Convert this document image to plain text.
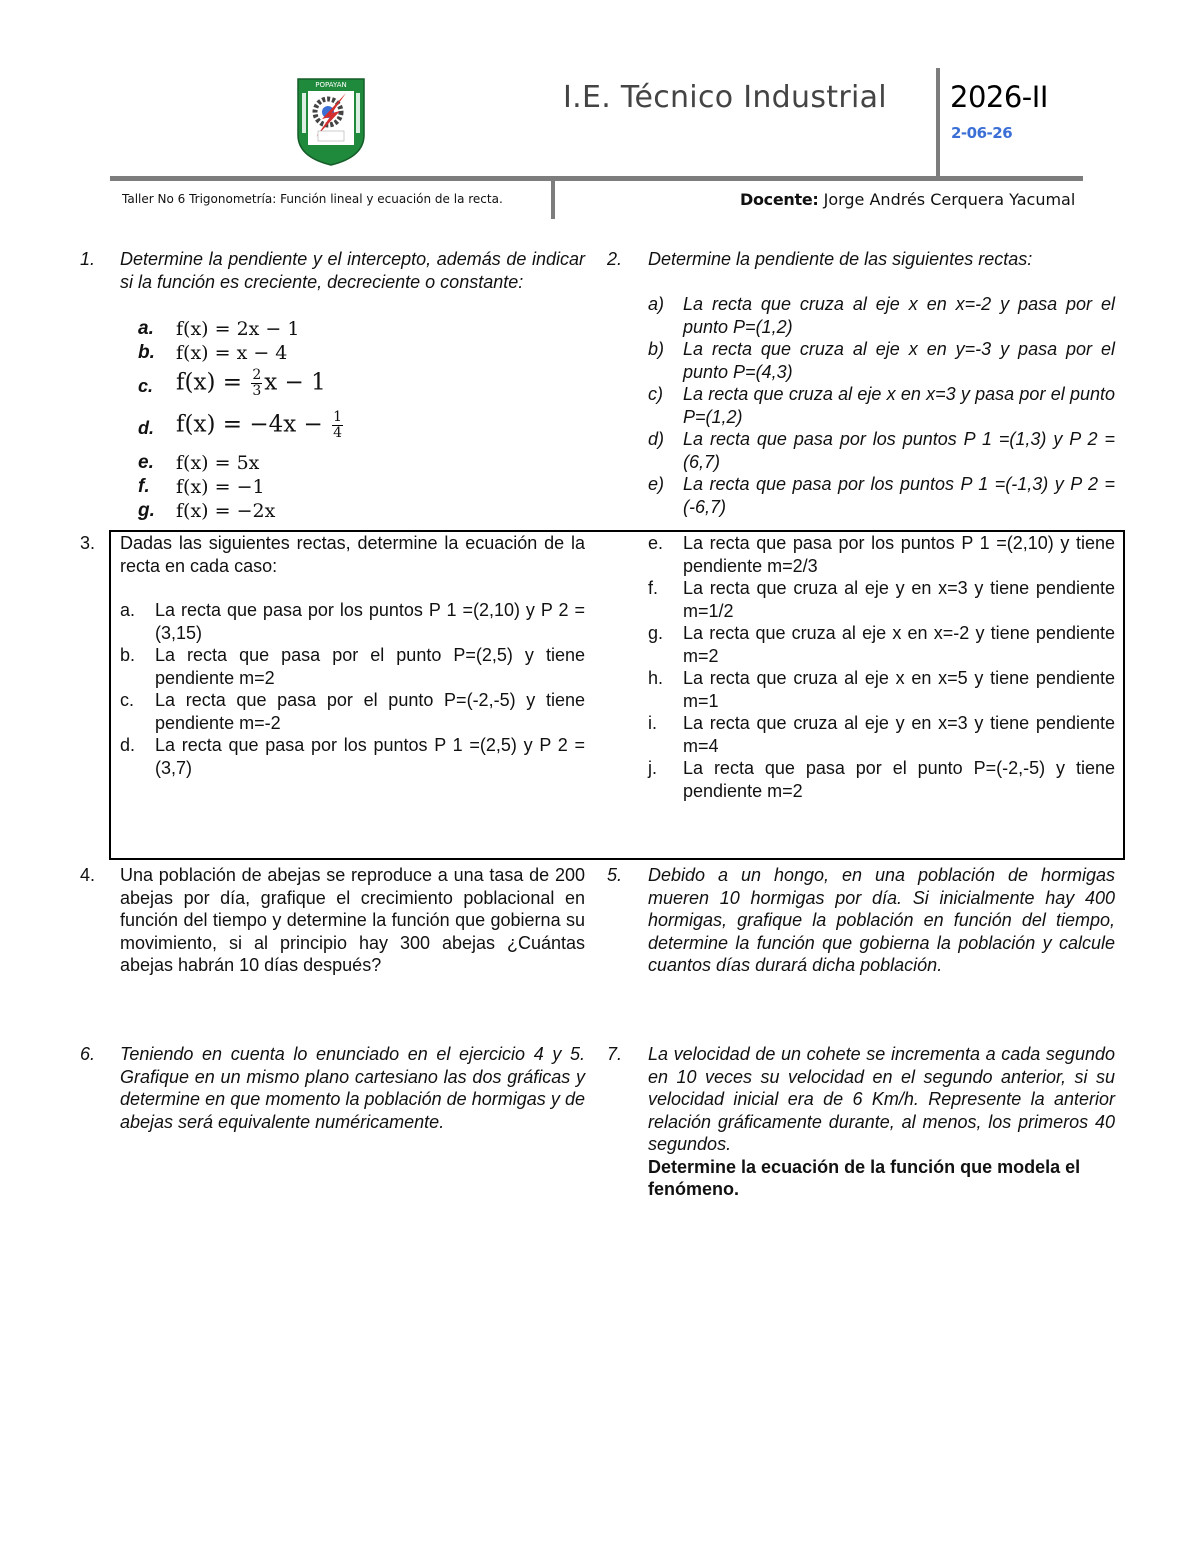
POPAYAN	I.E. Técnico Industrial 2026-II
2-06-26
Taller No 6 Trigonometría: Función lineal y ecuación de la recta.	Docente: Jorge Andrés Cerquera Yacumal
1. Determine la pendiente y el intercepto, además de indicar si la función es creciente, decreciente o constante:
a. f(x) = 2x − 1
b. f(x) = x − 4
c. $f(x) = \frac{2}{3}$ x − 1
d. $f(x) = -4x - \frac{1}{4}$
e. f(x) = 5x
f. f(x) = −1
g. f(x) = −2x
2. Determine la pendiente de las siguientes rectas:
a) La recta que cruza al eje x en x=-2 y pasa por el punto P=(1,2)
b) La recta que cruza al eje x en y=-3 y pasa por el punto P=(4,3)
c) La recta que cruza al eje x en x=3 y pasa por el punto P=(1,2)
d) La recta que pasa por los puntos P 1 =(1,3) y P 2 =(6,7)
e) La recta que pasa por los puntos P 1 =(-1,3) y P 2 =(-6,7)
3. Dadas las siguientes rectas, determine la ecuación de la recta en cada caso:
a. La recta que pasa por los puntos P 1 =(2,10) y P 2 =(3,15)
b. La recta que pasa por el punto P=(2,5) y tiene pendiente m=2
c. La recta que pasa por el punto P=(-2,-5) y tiene pendiente m=-2
d. La recta que pasa por los puntos P 1 =(2,5) y P 2 =(3,7)
e. La recta que pasa por los puntos P 1 =(2,10) y tiene pendiente m=2/3
f. La recta que cruza al eje y en x=3 y tiene pendiente m=1/2
g. La recta que cruza al eje x en x=-2 y tiene pendiente m=2
h. La recta que cruza al eje x en x=5 y tiene pendiente m=1
i. La recta que cruza al eje y en x=3 y tiene pendiente m=4
j. La recta que pasa por el punto P=(-2,-5) y tiene pendiente m=2
4. Una población de abejas se reproduce a una tasa de 200 abejas por día, grafique el crecimiento poblacional en función del tiempo y determine la función que gobierna su movimiento, si al principio hay 300 abejas ¿Cuántas abejas habrán 10 días después?
5. Debido a un hongo, en una población de hormigas mueren 10 hormigas por día. Si inicialmente hay 400 hormigas, grafique la población en función del tiempo, determine la función que gobierna la población y calcule cuantos días durará dicha población.
6. Teniendo en cuenta lo enunciado en el ejercicio 4 y 5. Grafique en un mismo plano cartesiano las dos gráficas y determine en que momento la población de hormigas y de abejas será equivalente numéricamente.
7. La velocidad de un cohete se incrementa a cada segundo en 10 veces su velocidad en el segundo anterior, si su velocidad inicial era de 6 Km/h. Represente la anterior relación gráficamente durante, al menos, los primeros 40 segundos.
Determine la ecuación de la función que modela el fenómeno.
